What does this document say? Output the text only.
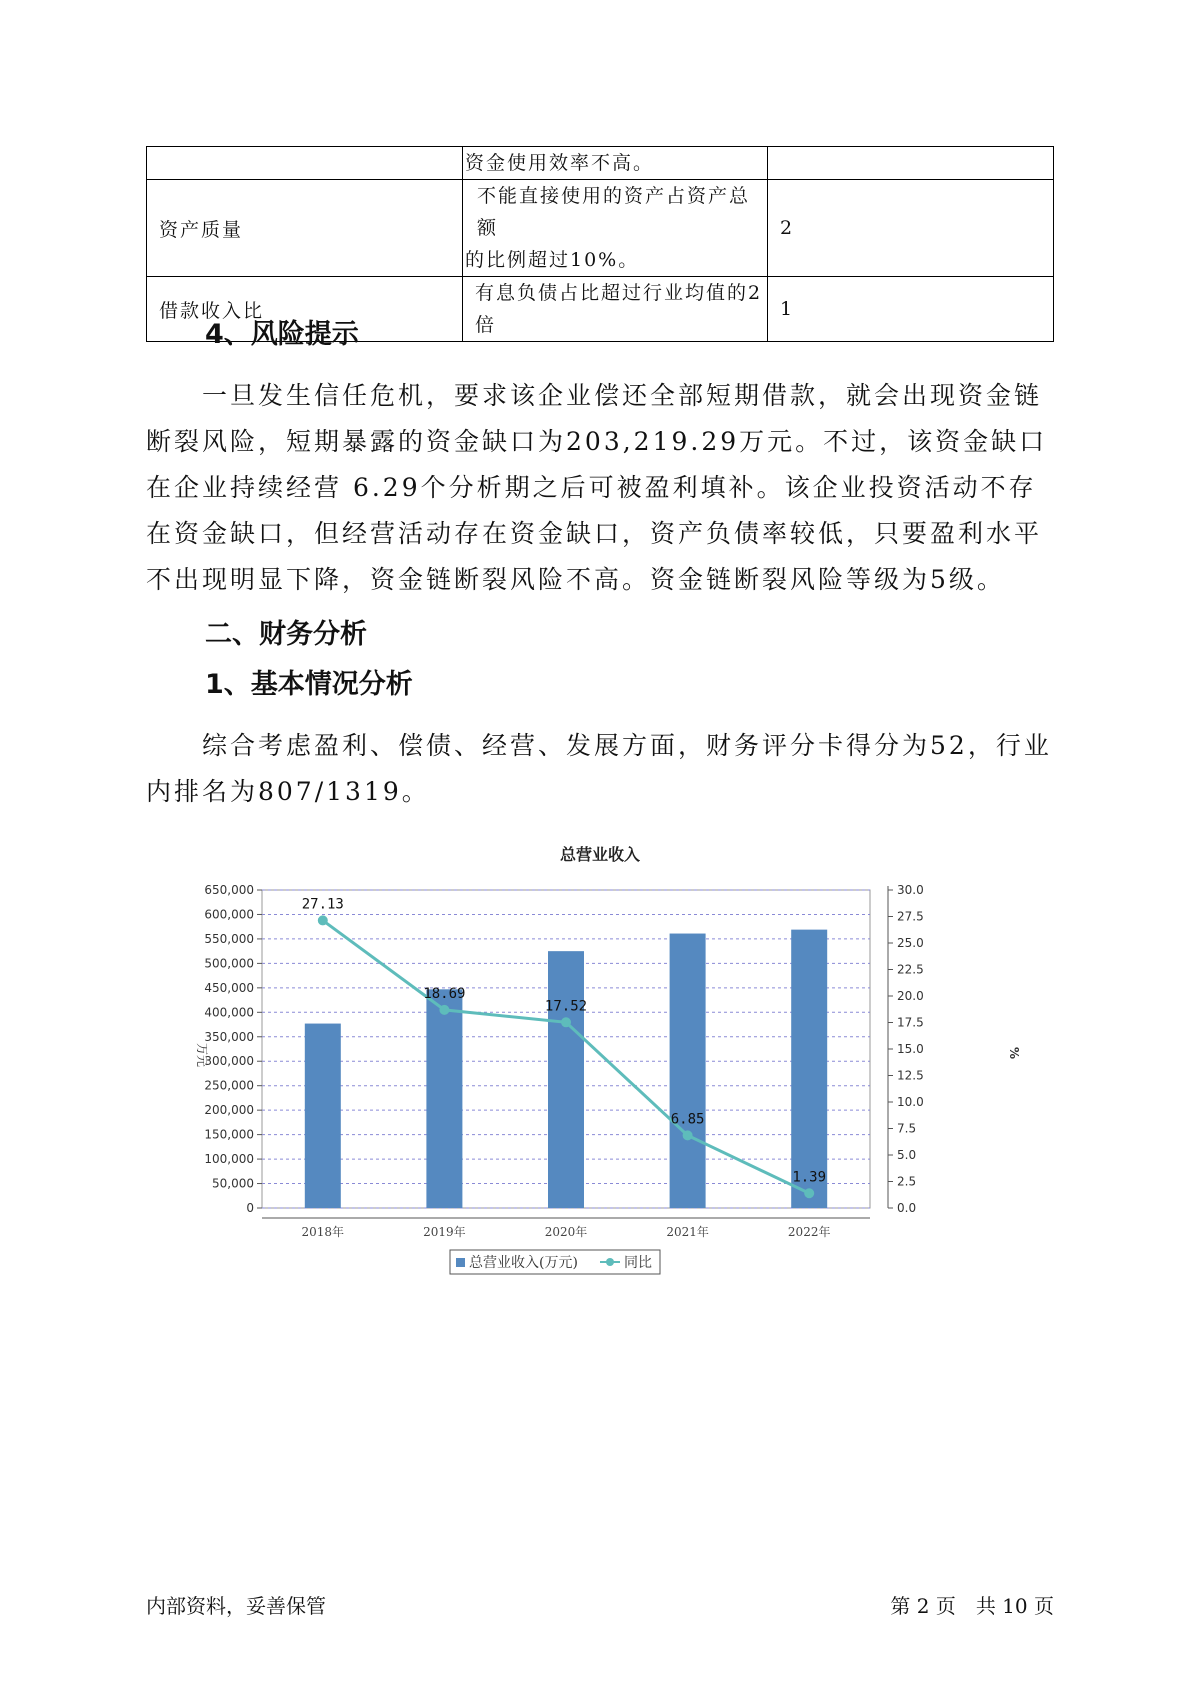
	资金使用效率不高。	
资产质量	不能直接使用的资产占资产总额
的比例超过10%。	2
借款收入比	有息负债占比超过行业均值的2倍	1
4、风险提示

一旦发生信任危机，要求该企业偿还全部短期借款，就会出现资金链断裂风险，短期暴露的资金缺口为203,219.29万元。不过，该资金缺口在企业持续经营 6.29个分析期之后可被盈利填补。该企业投资活动不存在资金缺口，但经营活动存在资金缺口，资产负债率较低，只要盈利水平不出现明显下降，资金链断裂风险不高。资金链断裂风险等级为5级。

二、财务分析
1、基本情况分析

综合考虑盈利、偿债、经营、发展方面，财务评分卡得分为52，行业内排名为807/1319。

总营业收入
万元	%
27.13
18.69
17.52
6.85
1.39
0
50,000
100,000
150,000
200,000
250,000
300,000
350,000
400,000
450,000
500,000
550,000
600,000
650,000
0.0
2.5
5.0
7.5
10.0
12.5
15.0
17.5
20.0
22.5
25.0
27.5
30.0
2018年	2019年	2020年	2021年	2022年
总营业收入(万元)	同比
内部资料，妥善保管	第 2 页　共 10 页
